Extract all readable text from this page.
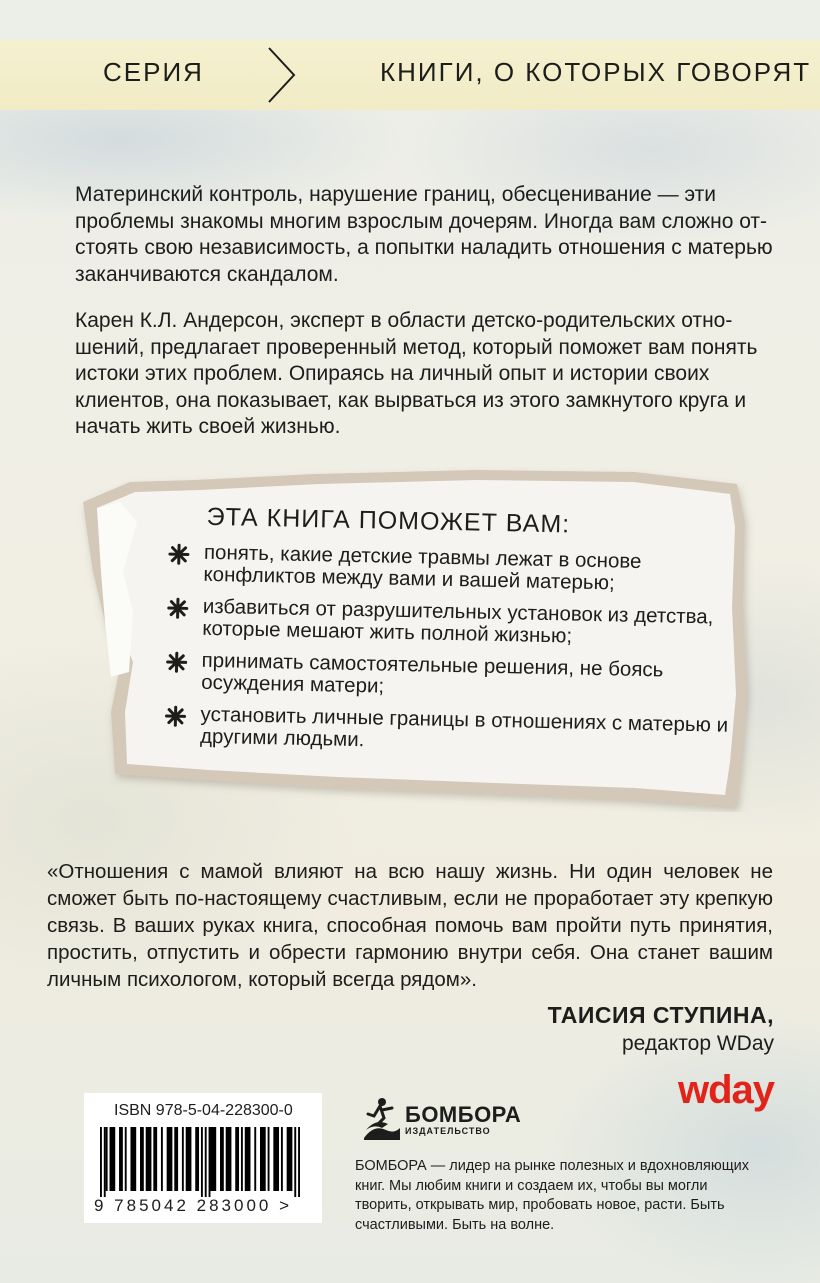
СЕРИЯ	КНИГИ, О КОТОРЫХ ГОВОРЯТ

Материнский контроль, нарушение границ, обесценивание — эти проблемы знакомы многим взрослым дочерям. Иногда вам сложно от-стоять свою независимость, а попытки наладить отношения с матерью заканчиваются скандалом.

Карен К.Л. Андерсон, эксперт в области детско-родительских отно-шений, предлагает проверенный метод, который поможет вам понять истоки этих проблем. Опираясь на личный опыт и истории своих клиентов, она показывает, как вырваться из этого замкнутого круга и начать жить своей жизнью.

ЭТА КНИГА ПОМОЖЕТ ВАМ:
понять, какие детские травмы лежат в основе конфликтов между вами и вашей матерью;
избавиться от разрушительных установок из детства, которые мешают жить полной жизнью;
принимать самостоятельные решения, не боясь осуждения матери;
установить личные границы в отношениях с матерью и другими людьми.

«Отношения с мамой влияют на всю нашу жизнь. Ни один человек не сможет быть по-настоящему счастливым, если не проработает эту крепкую связь. В ваших руках книга, способная помочь вам пройти путь принятия, простить, отпустить и обрести гармонию внутри себя. Она станет вашим личным психологом, который всегда рядом».

ТАИСИЯ СТУПИНА,
редактор WDay
wday
ISBN 978-5-04-228300-0
9 785042 283000 >
БОМБОРА
ИЗДАТЕЛЬСТВО

БОМБОРА — лидер на рынке полезных и вдохновляющих книг. Мы любим книги и создаем их, чтобы вы могли творить, открывать мир, пробовать новое, расти. Быть счастливыми. Быть на волне.
